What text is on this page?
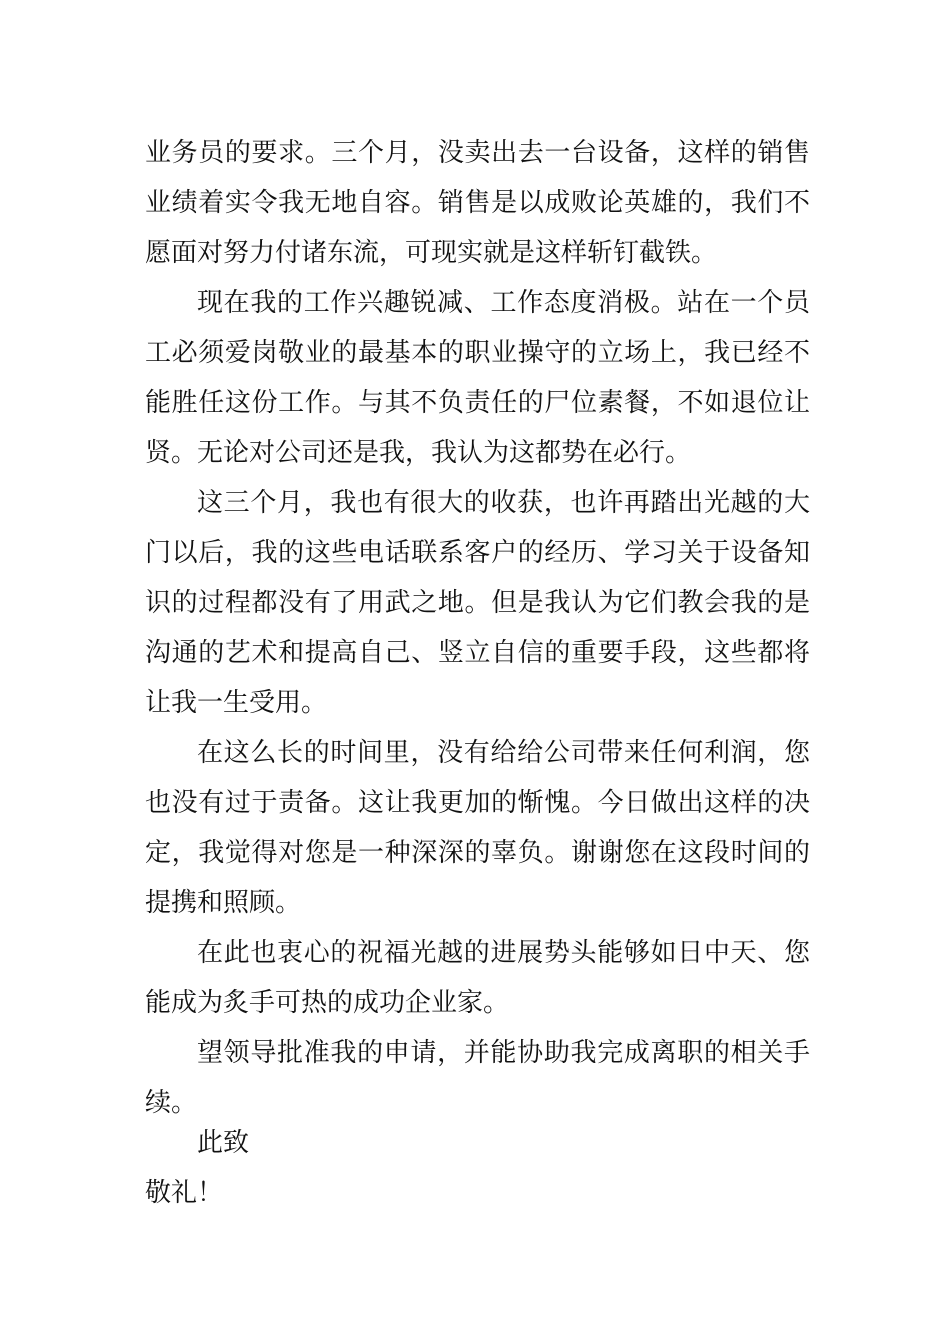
业务员的要求。三个月，没卖出去一台设备，这样的销售
业绩着实令我无地自容。销售是以成败论英雄的，我们不
愿面对努力付诸东流，可现实就是这样斩钉截铁。
现在我的工作兴趣锐减、工作态度消极。站在一个员
工必须爱岗敬业的最基本的职业操守的立场上，我已经不
能胜任这份工作。与其不负责任的尸位素餐，不如退位让
贤。无论对公司还是我，我认为这都势在必行。
这三个月，我也有很大的收获，也许再踏出光越的大
门以后，我的这些电话联系客户的经历、学习关于设备知
识的过程都没有了用武之地。但是我认为它们教会我的是
沟通的艺术和提高自己、竖立自信的重要手段，这些都将
让我一生受用。
在这么长的时间里，没有给给公司带来任何利润，您
也没有过于责备。这让我更加的惭愧。今日做出这样的决
定，我觉得对您是一种深深的辜负。谢谢您在这段时间的
提携和照顾。
在此也衷心的祝福光越的进展势头能够如日中天、您
能成为炙手可热的成功企业家。
望领导批准我的申请，并能协助我完成离职的相关手
续。
此致
敬礼！
